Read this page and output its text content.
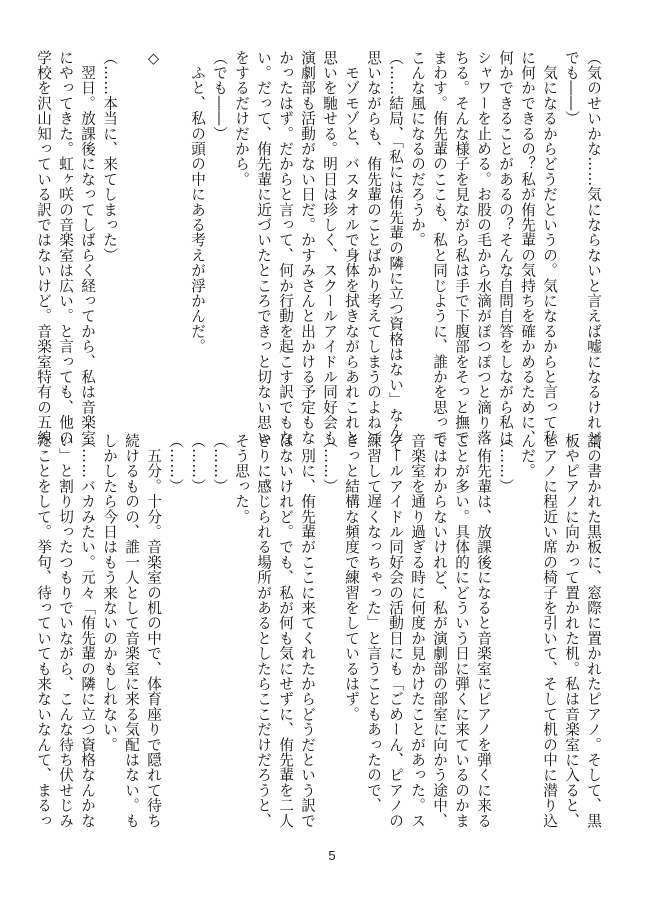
（気のせいかな……気にならないと言えば嘘になるけれど、
でも――）
　気になるからどうだというの。気になるからと言って私
に何かできるの？私が侑先輩の気持ちを確かめるために、
何かできることがあるの？そんな自問自答をしながら私は
シャワーを止める。お股の毛から水滴がぽつぽつと滴り落
ちる。そんな様子を見ながら私は手で下腹部をそっと撫で
まわす。侑先輩のここも、私と同じように、誰かを思って
こんな風になるのだろうか。
（……結局、「私には侑先輩の隣に立つ資格はない」なんて
思いながらも、侑先輩のことばかり考えてしまうのよね）
　モゾモゾと、バスタオルで身体を拭きながらあれこれと
思いを馳せる。明日は珍しく、スクールアイドル同好会も
演劇部も活動がない日だ。かすみさんと出かける予定もな
かったはず。だからと言って、何か行動を起こす訳でもな
い。だって、侑先輩に近づいたところできっと切ない思い
をするだけだから。
（でも――）
　ふと、私の頭の中にある考えが浮かんだ。

◇

（……本当に、来てしまった）
　翌日。放課後になってしばらく経ってから、私は音楽室
にやってきた。虹ヶ咲の音楽室は広い。と言っても、他の
学校を沢山知っている訳ではないけど。音楽室特有の五線
譜の書かれた黒板に、窓際に置かれたピアノ。そして、黒
板やピアノに向かって置かれた机。私は音楽室に入ると、
ピアノに程近い席の椅子を引いて、そして机の中に潜り込
んだ。
（……）
　侑先輩は、放課後になると音楽室にピアノを弾くに来る
ことが多い。具体的にどういう日に弾くに来ているのかま
ではわからないけれど、私が演劇部の部室に向かう途中、
音楽室を通り過ぎる時に何度か見かけたことがあった。ス
クールアイドル同好会の活動日にも「ごめーん、ピアノの
練習して遅くなっちゃった」と言うこともあったので、
きっと結構な頻度で練習をしているはず。
（……）
　別に、侑先輩がここに来てくれたからどうだという訳で
はないけれど。でも、私が何も気にせずに、侑先輩を二人
きりに感じられる場所があるとしたらここだけだろうと、
そう思った。
（……）
（……）
（……）
　五分。十分。音楽室の机の中で、体育座りで隠れて待ち
続けるものの、誰一人として音楽室に来る気配はない。も
しかしたら今日はもう来ないのかもしれない。
（……バカみたい。元々「侑先輩の隣に立つ資格なんかな
い」と割り切ったつもりでいながら、こんな待ち伏せじみ
たことをして。挙句、待っていても来ないなんて、まるっ
5
